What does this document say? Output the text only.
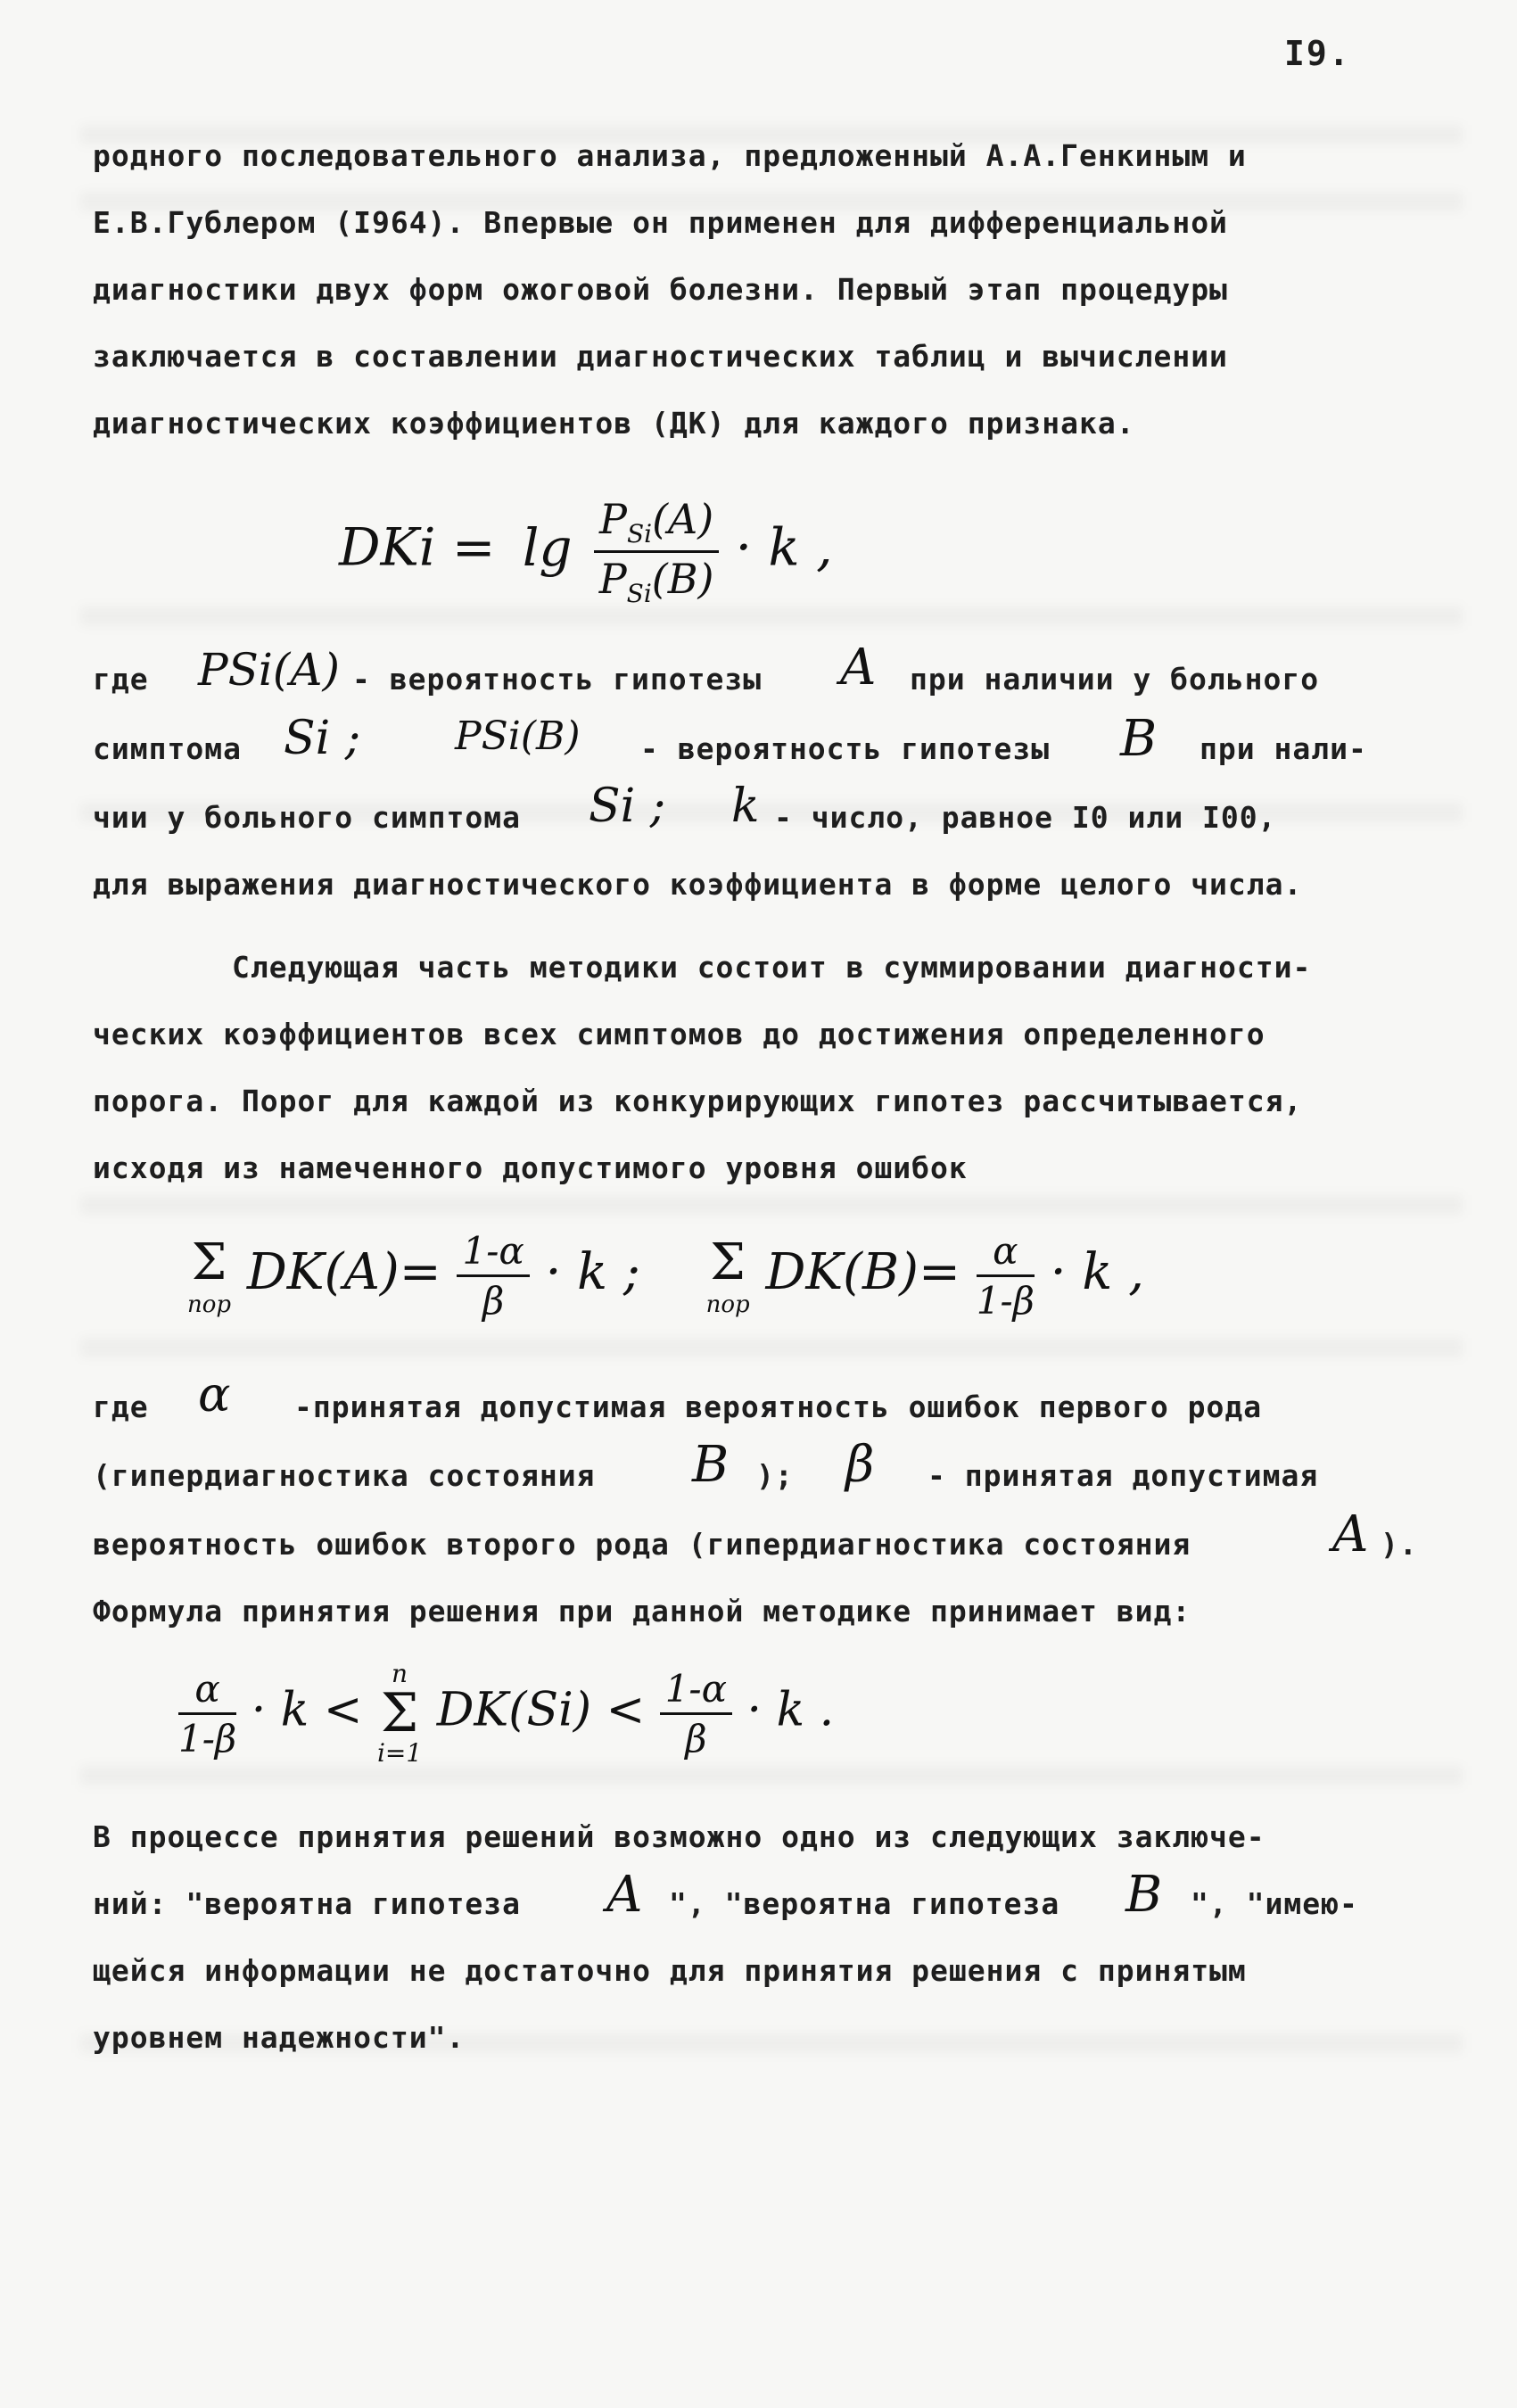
I9.
родного последовательного анализа, предложенный А.А.Генкиным и
Е.В.Гублером (I964). Впервые он применен для дифференциальной
диагностики двух форм ожоговой болезни. Первый этап процедуры
заключается в составлении диагностических таблиц и вычислении
диагностических коэффициентов (ДК) для каждого признака.
DKi = $\lg \frac{P_{Si}(A)}{P_{Si}(B)} \cdot k$ ,
где PSi(A) - вероятность гипотезы A при наличии у больного
симптома Si ; PSi(B) - вероятность гипотезы B при нали-
чии у больного симптома Si ; k - число, равное I0 или I00,
для выражения диагностического коэффициента в форме целого числа.
Следующая часть методики состоит в суммировании диагности-
ческих коэффициентов всех симптомов до достижения определенного
порога. Порог для каждой из конкурирующих гипотез рассчитывается,
исходя из намеченного допустимого уровня ошибок
Σ
пор
$DK(A)= \frac{1-\alpha}{\beta} \cdot k$ ; Σ
пор
$DK(B)= \frac{\alpha}{1-\beta} \cdot k$ ,
где α -принятая допустимая вероятность ошибок первого рода
(гипердиагностика состояния B ); β - принятая допустимая
вероятность ошибок второго рода (гипердиагностика состояния	A ).
Формула принятия решения при данной методике принимает вид:
$\frac{\alpha}{1-\beta} \cdot k$ <
n
Σ
i=1
$DK(Si) < \frac{1-\alpha}{\beta} \cdot k$ .
В процессе принятия решений возможно одно из следующих заключе-
ний: "вероятна гипотеза A ", "вероятна гипотеза B ", "имею-
щейся информации не достаточно для принятия решения с принятым
уровнем надежности".
